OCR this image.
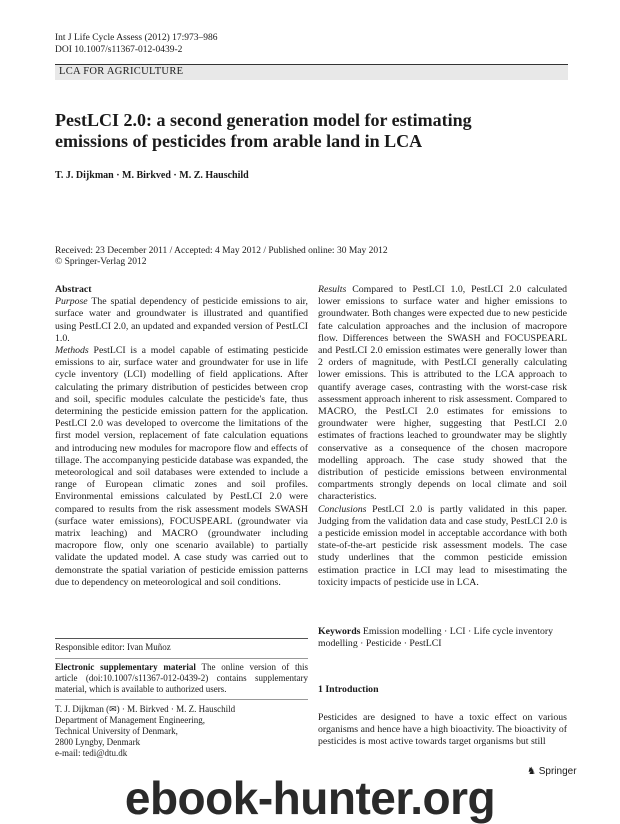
Int J Life Cycle Assess (2012) 17:973–986
DOI 10.1007/s11367-012-0439-2
LCA FOR AGRICULTURE
PestLCI 2.0: a second generation model for estimating emissions of pesticides from arable land in LCA
T. J. Dijkman · M. Birkved · M. Z. Hauschild
Received: 23 December 2011 / Accepted: 4 May 2012 / Published online: 30 May 2012
© Springer-Verlag 2012

Abstract

Purpose The spatial dependency of pesticide emissions to air, surface water and groundwater is illustrated and quantified using PestLCI 2.0, an updated and expanded version of PestLCI 1.0.

Methods PestLCI is a model capable of estimating pesticide emissions to air, surface water and groundwater for use in life cycle inventory (LCI) modelling of field applications. After calculating the primary distribution of pesticides between crop and soil, specific modules calculate the pesticide's fate, thus determining the pesticide emission pattern for the application. PestLCI 2.0 was developed to overcome the limitations of the first model version, replacement of fate calculation equations and introducing new modules for macropore flow and effects of tillage. The accompanying pesticide database was expanded, the meteorological and soil databases were extended to include a range of European climatic zones and soil profiles. Environmental emissions calculated by PestLCI 2.0 were compared to results from the risk assessment models SWASH (surface water emissions), FOCUSPEARL (groundwater via matrix leaching) and MACRO (groundwater including macropore flow, only one scenario available) to partially validate the updated model. A case study was carried out to demonstrate the spatial variation of pesticide emission patterns due to dependency on meteorological and soil conditions.

Responsible editor: Ivan Muñoz

Electronic supplementary material The online version of this article (doi:10.1007/s11367-012-0439-2) contains supplementary material, which is available to authorized users.

T. J. Dijkman (✉) · M. Birkved · M. Z. Hauschild
Department of Management Engineering,
Technical University of Denmark,
2800 Lyngby, Denmark
e-mail: tedi@dtu.dk

Results Compared to PestLCI 1.0, PestLCI 2.0 calculated lower emissions to surface water and higher emissions to groundwater. Both changes were expected due to new pesticide fate calculation approaches and the inclusion of macropore flow. Differences between the SWASH and FOCUSPEARL and PestLCI 2.0 emission estimates were generally lower than 2 orders of magnitude, with PestLCI generally calculating lower emissions. This is attributed to the LCA approach to quantify average cases, contrasting with the worst-case risk assessment approach inherent to risk assessment. Compared to MACRO, the PestLCI 2.0 estimates for emissions to groundwater were higher, suggesting that PestLCI 2.0 estimates of fractions leached to groundwater may be slightly conservative as a consequence of the chosen macropore modelling approach. The case study showed that the distribution of pesticide emissions between environmental compartments strongly depends on local climate and soil characteristics.

Conclusions PestLCI 2.0 is partly validated in this paper. Judging from the validation data and case study, PestLCI 2.0 is a pesticide emission model in acceptable accordance with both state-of-the-art pesticide risk assessment models. The case study underlines that the common pesticide emission estimation practice in LCI may lead to misestimating the toxicity impacts of pesticide use in LCA.

Keywords Emission modelling · LCI · Life cycle inventory modelling · Pesticide · PestLCI
1 Introduction
Pesticides are designed to have a toxic effect on various organisms and hence have a high bioactivity. The bioactivity of pesticides is most active towards target organisms but still
♞ Springer
ebook-hunter.org
